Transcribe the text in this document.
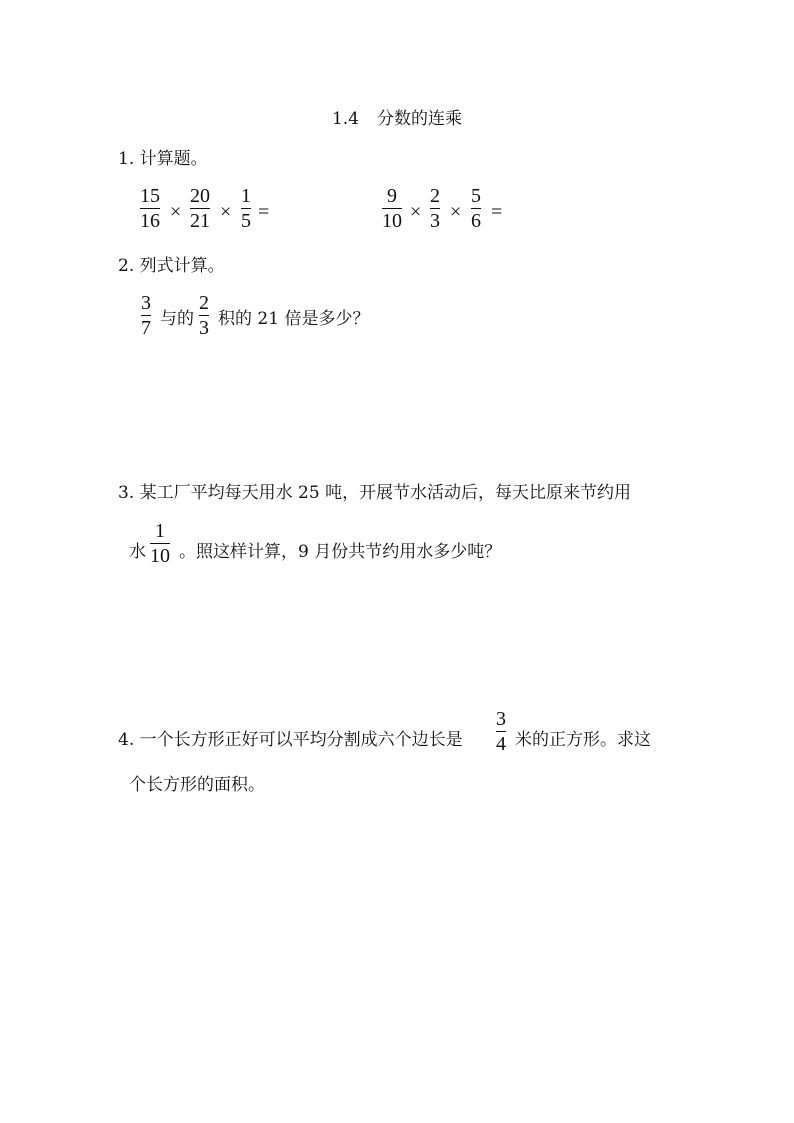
1.4 分数的连乘
1. 计算题。
15
16 ×
20
21 ×
1
5 =
9
10 ×
2
3 ×
5
6 =
2. 列式计算。
3
7 与的
2
3 积的 21 倍是多少？
3. 某工厂平均每天用水 25 吨，开展节水活动后，每天比原来节约用
水
1
10 。照这样计算，9 月份共节约用水多少吨？
4. 一个长方形正好可以平均分割成六个边长是
3
4 米的正方形。求这
个长方形的面积。
